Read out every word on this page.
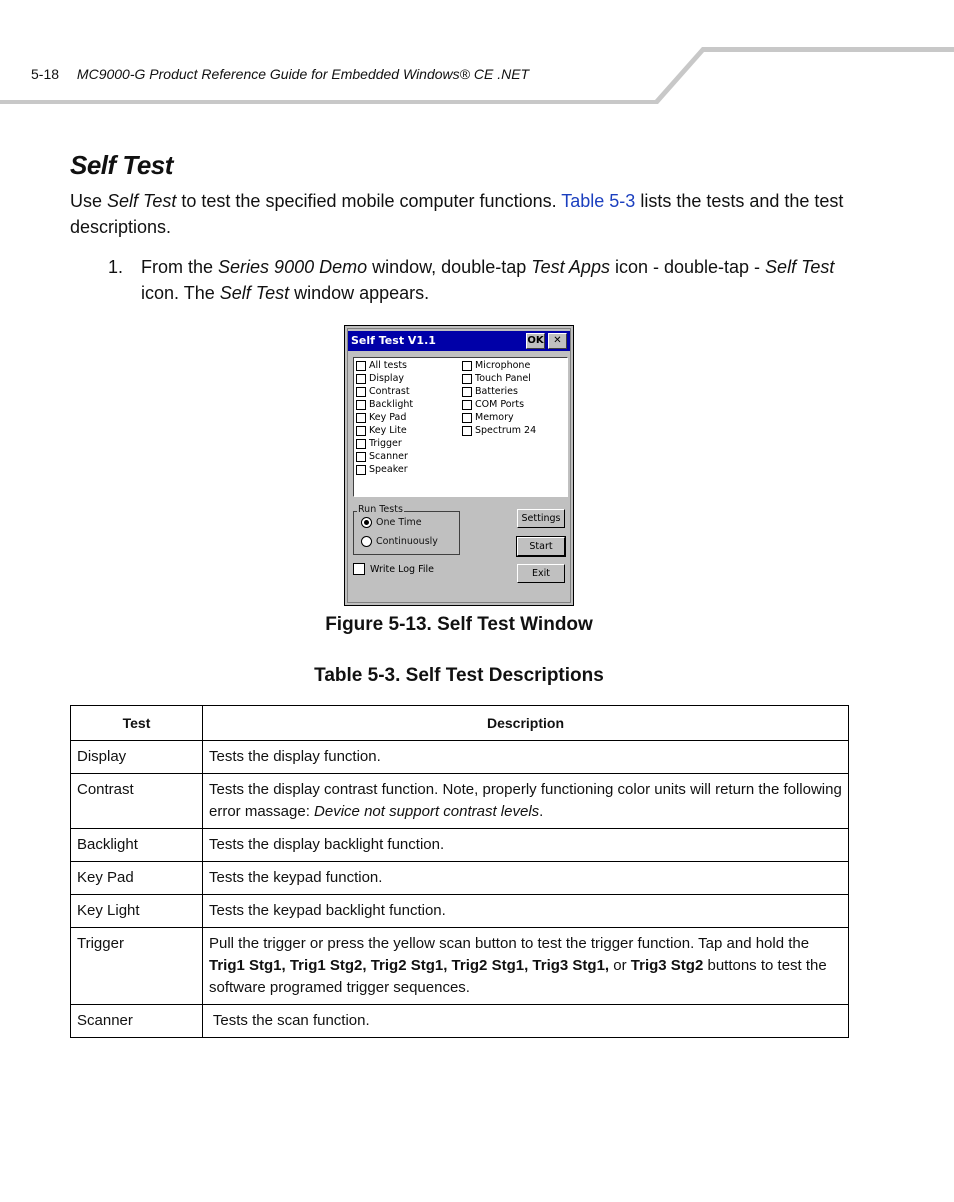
5-18 MC9000-G Product Reference Guide for Embedded Windows® CE .NET
Self Test
Use Self Test to test the specified mobile computer functions. Table 5-3 lists the tests and the test descriptions.
1. From the Series 9000 Demo window, double-tap Test Apps icon - double-tap - Self Test icon. The Self Test window appears.
Self Test V1.1	OK ✕
All tests
Display
Contrast
Backlight
Key Pad
Key Lite
Trigger
Scanner
Speaker
Microphone
Touch Panel
Batteries
COM Ports
Memory
Spectrum 24
Run Tests
One Time
Continuously
Write Log File
Settings
Start
Exit
Figure 5-13. Self Test Window
Table 5-3. Self Test Descriptions
Test	Description
Display	Tests the display function.
Contrast	Tests the display contrast function. Note, properly functioning color units will return the following error massage: Device not support contrast levels.
Backlight	Tests the display backlight function.
Key Pad	Tests the keypad function.
Key Light	Tests the keypad backlight function.
Trigger	Pull the trigger or press the yellow scan button to test the trigger function. Tap and hold the Trig1 Stg1, Trig1 Stg2, Trig2 Stg1, Trig2 Stg1, Trig3 Stg1, or Trig3 Stg2 buttons to test the software programed trigger sequences.
Scanner	Tests the scan function.
